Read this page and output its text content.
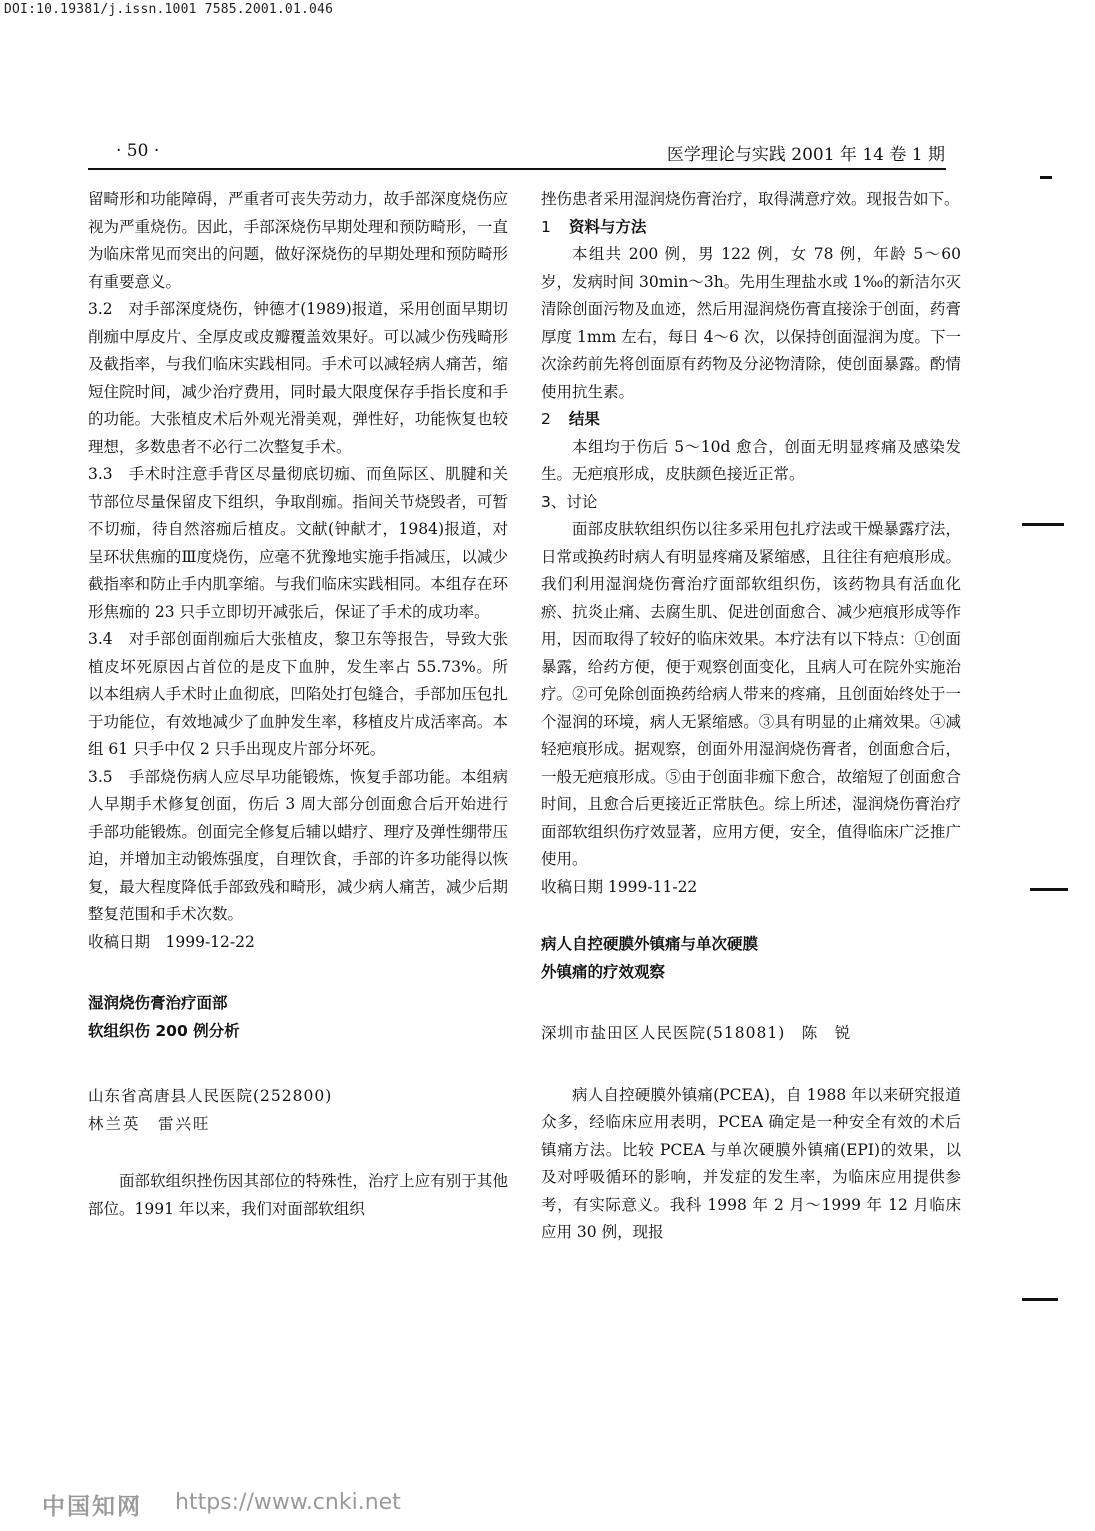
DOI:10.19381/j.issn.1001 7585.2001.01.046
· 50 ·	医学理论与实践 2001 年 14 卷 1 期

留畸形和功能障碍，严重者可丧失劳动力，故手部深度烧伤应视为严重烧伤。因此，手部深烧伤早期处理和预防畸形，一直为临床常见而突出的问题，做好深烧伤的早期处理和预防畸形有重要意义。

3.2　对手部深度烧伤，钟德才(1989)报道，采用创面早期切削痂中厚皮片、全厚皮或皮瓣覆盖效果好。可以减少伤残畸形及截指率，与我们临床实践相同。手术可以减轻病人痛苦，缩短住院时间，减少治疗费用，同时最大限度保存手指长度和手的功能。大张植皮术后外观光滑美观，弹性好，功能恢复也较理想，多数患者不必行二次整复手术。

3.3　手术时注意手背区尽量彻底切痂、而鱼际区、肌腱和关节部位尽量保留皮下组织，争取削痂。指间关节烧毁者，可暂不切痂，待自然溶痂后植皮。文献(钟献才，1984)报道，对呈环状焦痂的Ⅲ度烧伤，应毫不犹豫地实施手指减压，以减少截指率和防止手内肌挛缩。与我们临床实践相同。本组存在环形焦痂的 23 只手立即切开减张后，保证了手术的成功率。

3.4　对手部创面削痂后大张植皮，黎卫东等报告，导致大张植皮坏死原因占首位的是皮下血肿，发生率占 55.73%。所以本组病人手术时止血彻底，凹陷处打包缝合，手部加压包扎于功能位，有效地减少了血肿发生率，移植皮片成活率高。本组 61 只手中仅 2 只手出现皮片部分坏死。

3.5　手部烧伤病人应尽早功能锻炼，恢复手部功能。本组病人早期手术修复创面，伤后 3 周大部分创面愈合后开始进行手部功能锻炼。创面完全修复后辅以蜡疗、理疗及弹性绷带压迫，并增加主动锻炼强度，自理饮食，手部的许多功能得以恢复，最大程度降低手部致残和畸形，减少病人痛苦，减少后期整复范围和手术次数。

收稿日期　1999-12-22

湿润烧伤膏治疗面部

软组织伤 200 例分析

山东省高唐县人民医院(252800)

林兰英　雷兴旺

面部软组织挫伤因其部位的特殊性，治疗上应有别于其他部位。1991 年以来，我们对面部软组织

挫伤患者采用湿润烧伤膏治疗，取得满意疗效。现报告如下。

1 资料与方法

本组共 200 例，男 122 例，女 78 例，年龄 5～60 岁，发病时间 30min～3h。先用生理盐水或 1‰的新洁尔灭清除创面污物及血迹，然后用湿润烧伤膏直接涂于创面，药膏厚度 1mm 左右，每日 4～6 次，以保持创面湿润为度。下一次涂药前先将创面原有药物及分泌物清除，使创面暴露。酌情使用抗生素。

2 结果

本组均于伤后 5～10d 愈合，创面无明显疼痛及感染发生。无疤痕形成，皮肤颜色接近正常。

3、讨论

面部皮肤软组织伤以往多采用包扎疗法或干燥暴露疗法，日常或换药时病人有明显疼痛及紧缩感，且往往有疤痕形成。我们利用湿润烧伤膏治疗面部软组织伤，该药物具有活血化瘀、抗炎止痛、去腐生肌、促进创面愈合、减少疤痕形成等作用，因而取得了较好的临床效果。本疗法有以下特点：①创面暴露，给药方便，便于观察创面变化，且病人可在院外实施治疗。②可免除创面换药给病人带来的疼痛，且创面始终处于一个湿润的环境，病人无紧缩感。③具有明显的止痛效果。④减轻疤痕形成。据观察，创面外用湿润烧伤膏者，创面愈合后，一般无疤痕形成。⑤由于创面非痂下愈合，故缩短了创面愈合时间，且愈合后更接近正常肤色。综上所述，湿润烧伤膏治疗面部软组织伤疗效显著，应用方便，安全，值得临床广泛推广使用。

收稿日期 1999-11-22

病人自控硬膜外镇痛与单次硬膜

外镇痛的疗效观察

深圳市盐田区人民医院(518081)　陈　锐

病人自控硬膜外镇痛(PCEA)，自 1988 年以来研究报道众多，经临床应用表明，PCEA 确定是一种安全有效的术后镇痛方法。比较 PCEA 与单次硬膜外镇痛(EPI)的效果，以及对呼吸循环的影响，并发症的发生率，为临床应用提供参考，有实际意义。我科 1998 年 2 月～1999 年 12 月临床应用 30 例，现报

中国知网 https://www.cnki.net
